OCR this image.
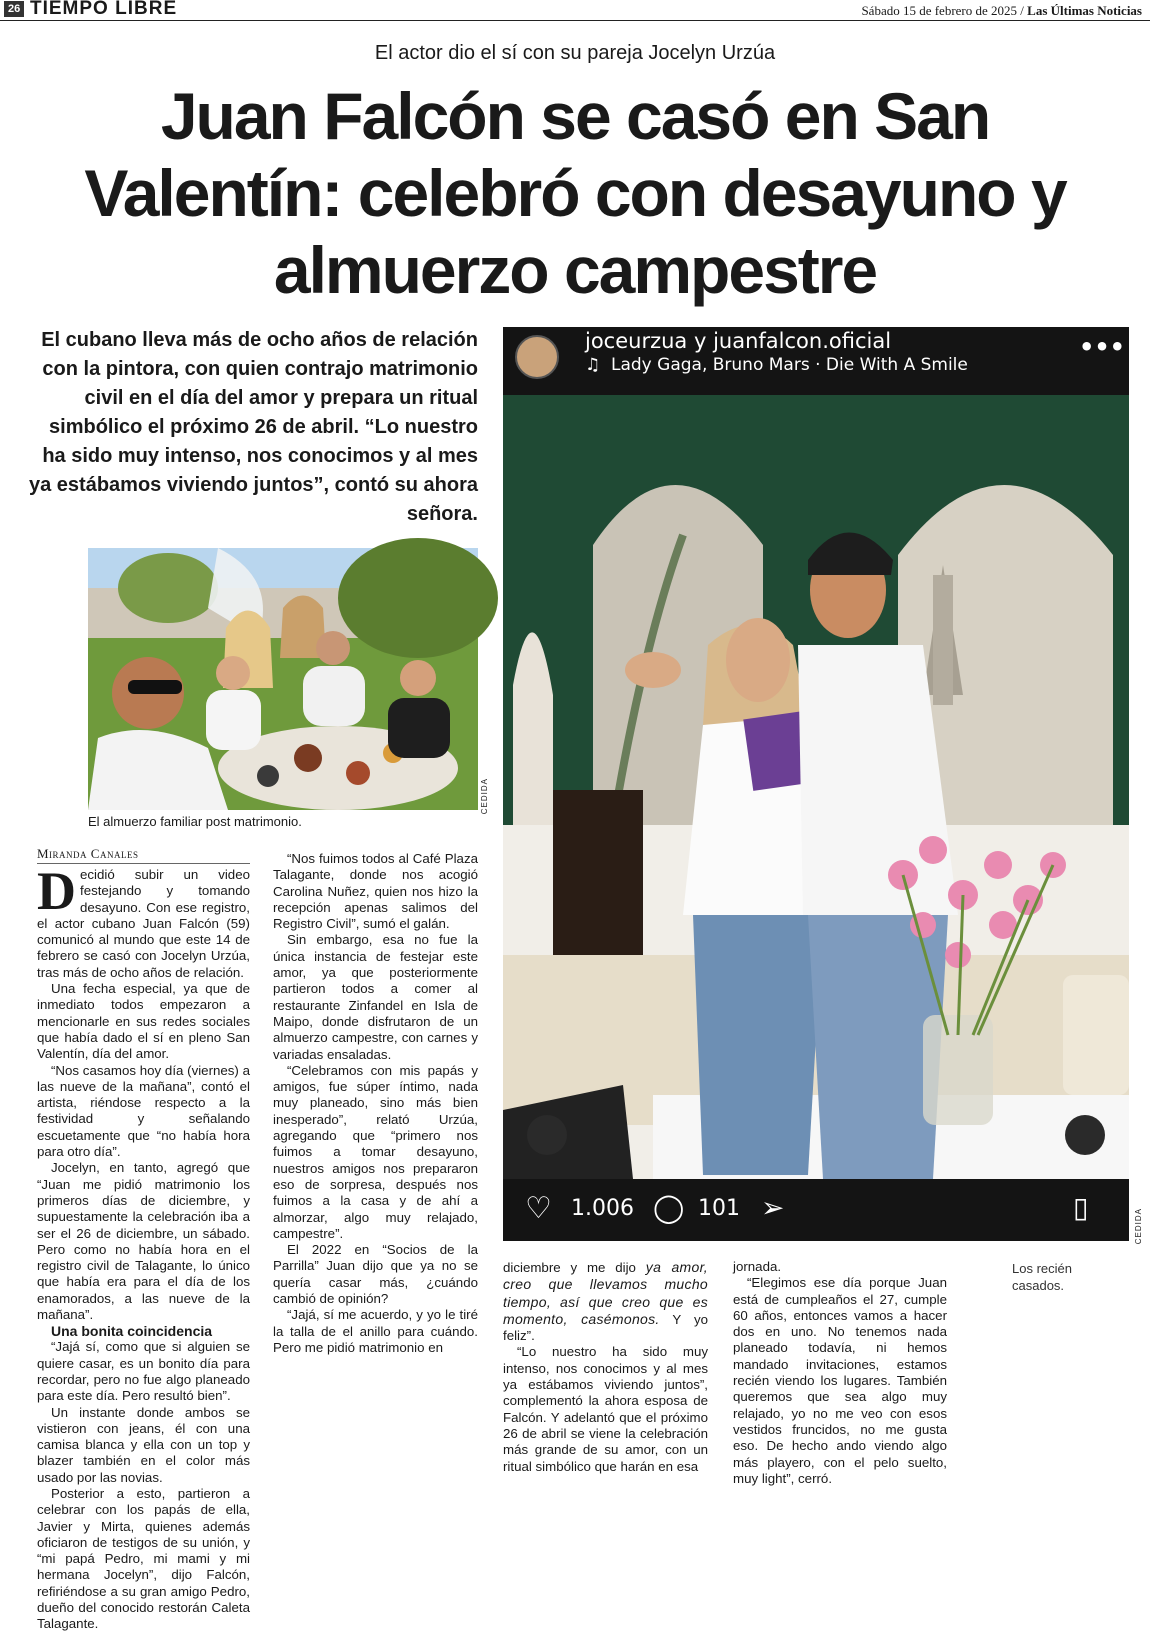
26 TIEMPO LIBRE	Sábado 15 de febrero de 2025 / Las Últimas Noticias
El actor dio el sí con su pareja Jocelyn Urzúa
Juan Falcón se casó en San Valentín: celebró con desayuno y almuerzo campestre
El cubano lleva más de ocho años de relación con la pintora, con quien contrajo matrimonio civil en el día del amor y prepara un ritual simbólico el próximo 26 de abril. “Lo nuestro ha sido muy intenso, nos conocimos y al mes ya estábamos viviendo juntos”, contó su ahora señora.
CEDIDA
El almuerzo familiar post matrimonio.
joceurzua y juanfalcon.oficial
♫ Lady Gaga, Bruno Mars · Die With A Smile
•••
♡ 1.006 ◯ 101 ➢	▯
CEDIDA
Los recién casados.
Miranda Canales

Decidió subir un video festejando y tomando desayuno. Con ese registro, el actor cubano Juan Falcón (59) comunicó al mundo que este 14 de febrero se casó con Jocelyn Urzúa, tras más de ocho años de relación.

Una fecha especial, ya que de inmediato todos empezaron a mencionarle en sus redes sociales que había dado el sí en pleno San Valentín, día del amor.

“Nos casamos hoy día (viernes) a las nueve de la mañana”, contó el artista, riéndose respecto a la festividad y señalando escuetamente que “no había hora para otro día”.

Jocelyn, en tanto, agregó que “Juan me pidió matrimonio los primeros días de diciembre, y supuestamente la celebración iba a ser el 26 de diciembre, un sábado. Pero como no había hora en el registro civil de Talagante, lo único que había era para el día de los enamorados, a las nueve de la mañana”.

Una bonita coincidencia

“Jajá sí, como que si alguien se quiere casar, es un bonito día para recordar, pero no fue algo planeado para este día. Pero resultó bien”.

Un instante donde ambos se vistieron con jeans, él con una camisa blanca y ella con un top y blazer también en el color más usado por las novias.

Posterior a esto, partieron a celebrar con los papás de ella, Javier y Mirta, quienes además oficiaron de testigos de su unión, y “mi papá Pedro, mi mami y mi hermana Jocelyn”, dijo Falcón, refiriéndose a su gran amigo Pedro, dueño del conocido restorán Caleta Talagante.

“Nos fuimos todos al Café Plaza Talagante, donde nos acogió Carolina Nuñez, quien nos hizo la recepción apenas salimos del Registro Civil”, sumó el galán.

Sin embargo, esa no fue la única instancia de festejar este amor, ya que posteriormente partieron todos a comer al restaurante Zinfandel en Isla de Maipo, donde disfrutaron de un almuerzo campestre, con carnes y variadas ensaladas.

“Celebramos con mis papás y amigos, fue súper íntimo, nada muy planeado, sino más bien inesperado”, relató Urzúa, agregando que “primero nos fuimos a tomar desayuno, nuestros amigos nos prepararon eso de sorpresa, después nos fuimos a la casa y de ahí a almorzar, algo muy relajado, campestre”.

El 2022 en “Socios de la Parrilla” Juan dijo que ya no se quería casar más, ¿cuándo cambió de opinión?

“Jajá, sí me acuerdo, y yo le tiré la talla de el anillo para cuándo. Pero me pidió matrimonio en

diciembre y me dijo ya amor, creo que llevamos mucho tiempo, así que creo que es momento, casémonos. Y yo feliz”.

“Lo nuestro ha sido muy intenso, nos conocimos y al mes ya estábamos viviendo juntos”, complementó la ahora esposa de Falcón. Y adelantó que el próximo 26 de abril se viene la celebración más grande de su amor, con un ritual simbólico que harán en esa

jornada.

“Elegimos ese día porque Juan está de cumpleaños el 27, cumple 60 años, entonces vamos a hacer dos en uno. No tenemos nada planeado todavía, ni hemos mandado invitaciones, estamos recién viendo los lugares. También queremos que sea algo muy relajado, yo no me veo con esos vestidos fruncidos, no me gusta eso. De hecho ando viendo algo más playero, con el pelo suelto, muy light”, cerró.
